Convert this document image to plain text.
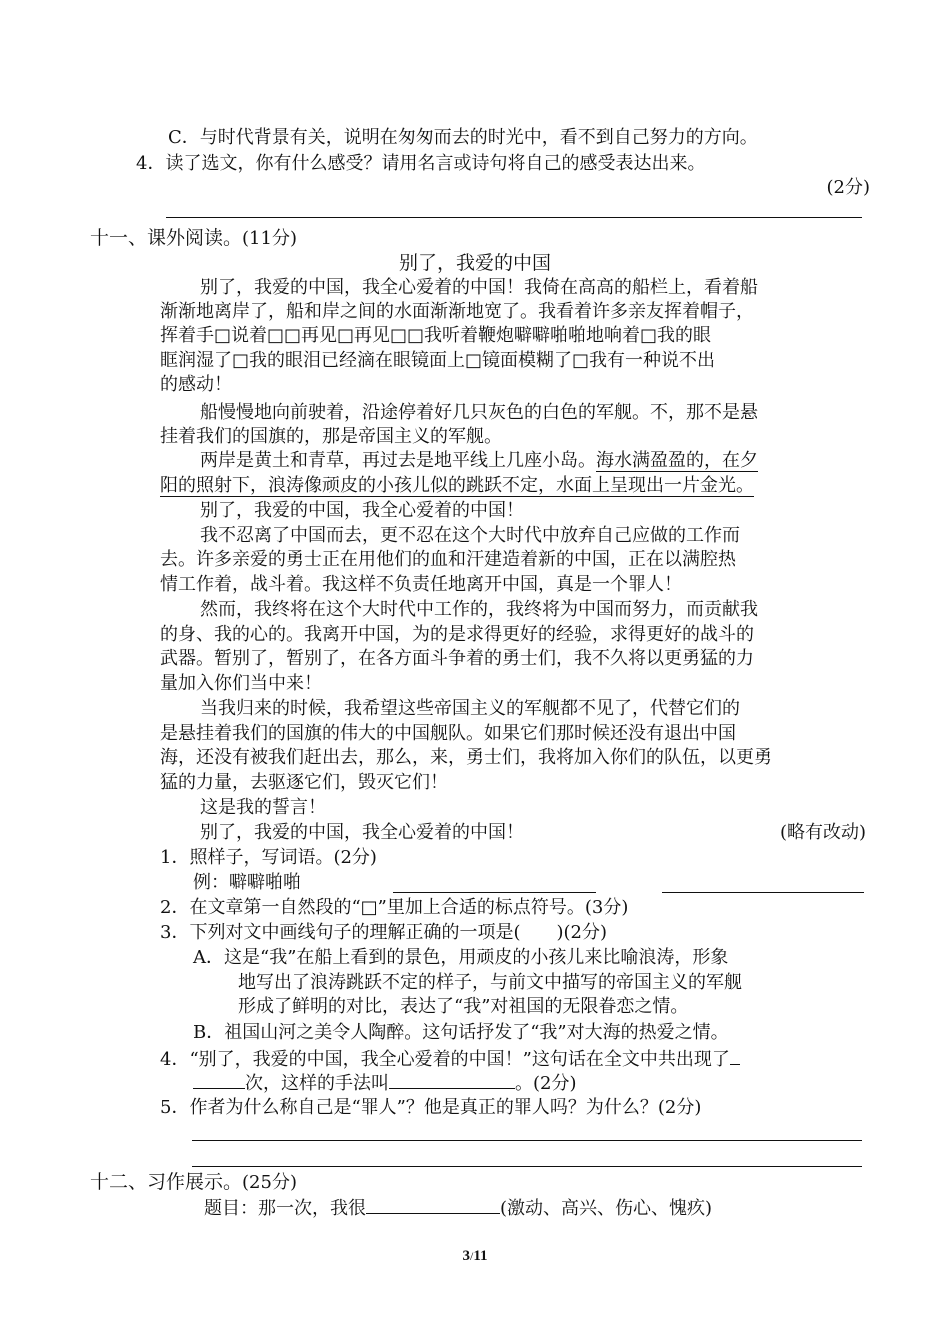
C．与时代背景有关，说明在匆匆而去的时光中，看不到自己努力的方向。
4．读了选文，你有什么感受？请用名言或诗句将自己的感受表达出来。
(2分)
十一、课外阅读。(11分)
别了，我爱的中国
别了，我爱的中国，我全心爱着的中国！我倚在高高的船栏上，看着船
渐渐地离岸了，船和岸之间的水面渐渐地宽了。我看着许多亲友挥着帽子，
挥着手□说着□□再见□再见□□我听着鞭炮噼噼啪啪地响着□我的眼
眶润湿了□我的眼泪已经滴在眼镜面上□镜面模糊了□我有一种说不出
的感动！
船慢慢地向前驶着，沿途停着好几只灰色的白色的军舰。不，那不是悬
挂着我们的国旗的，那是帝国主义的军舰。
两岸是黄土和青草，再过去是地平线上几座小岛。海水满盈盈的，在夕
阳的照射下，浪涛像顽皮的小孩儿似的跳跃不定，水面上呈现出一片金光。
别了，我爱的中国，我全心爱着的中国！
我不忍离了中国而去，更不忍在这个大时代中放弃自己应做的工作而
去。许多亲爱的勇士正在用他们的血和汗建造着新的中国，正在以满腔热
情工作着，战斗着。我这样不负责任地离开中国，真是一个罪人！
然而，我终将在这个大时代中工作的，我终将为中国而努力，而贡献我
的身、我的心的。我离开中国，为的是求得更好的经验，求得更好的战斗的
武器。暂别了，暂别了，在各方面斗争着的勇士们，我不久将以更勇猛的力
量加入你们当中来！
当我归来的时候，我希望这些帝国主义的军舰都不见了，代替它们的
是悬挂着我们的国旗的伟大的中国舰队。如果它们那时候还没有退出中国
海，还没有被我们赶出去，那么，来，勇士们，我将加入你们的队伍，以更勇
猛的力量，去驱逐它们，毁灭它们！
这是我的誓言！
别了，我爱的中国，我全心爱着的中国！	(略有改动)
1．照样子，写词语。(2分)
例：噼噼啪啪
2．在文章第一自然段的“□”里加上合适的标点符号。(3分)
3．下列对文中画线句子的理解正确的一项是(　　)(2分)
A．这是“我”在船上看到的景色，用顽皮的小孩儿来比喻浪涛，形象
地写出了浪涛跳跃不定的样子，与前文中描写的帝国主义的军舰
形成了鲜明的对比，表达了“我”对祖国的无限眷恋之情。
B．祖国山河之美令人陶醉。这句话抒发了“我”对大海的热爱之情。
4．“别了，我爱的中国，我全心爱着的中国！”这句话在全文中共出现了
次，这样的手法叫	。(2分)
5．作者为什么称自己是“罪人”？他是真正的罪人吗？为什么？(2分)
十二、习作展示。(25分)
题目：那一次，我很	(激动、高兴、伤心、愧疚)
3/11
